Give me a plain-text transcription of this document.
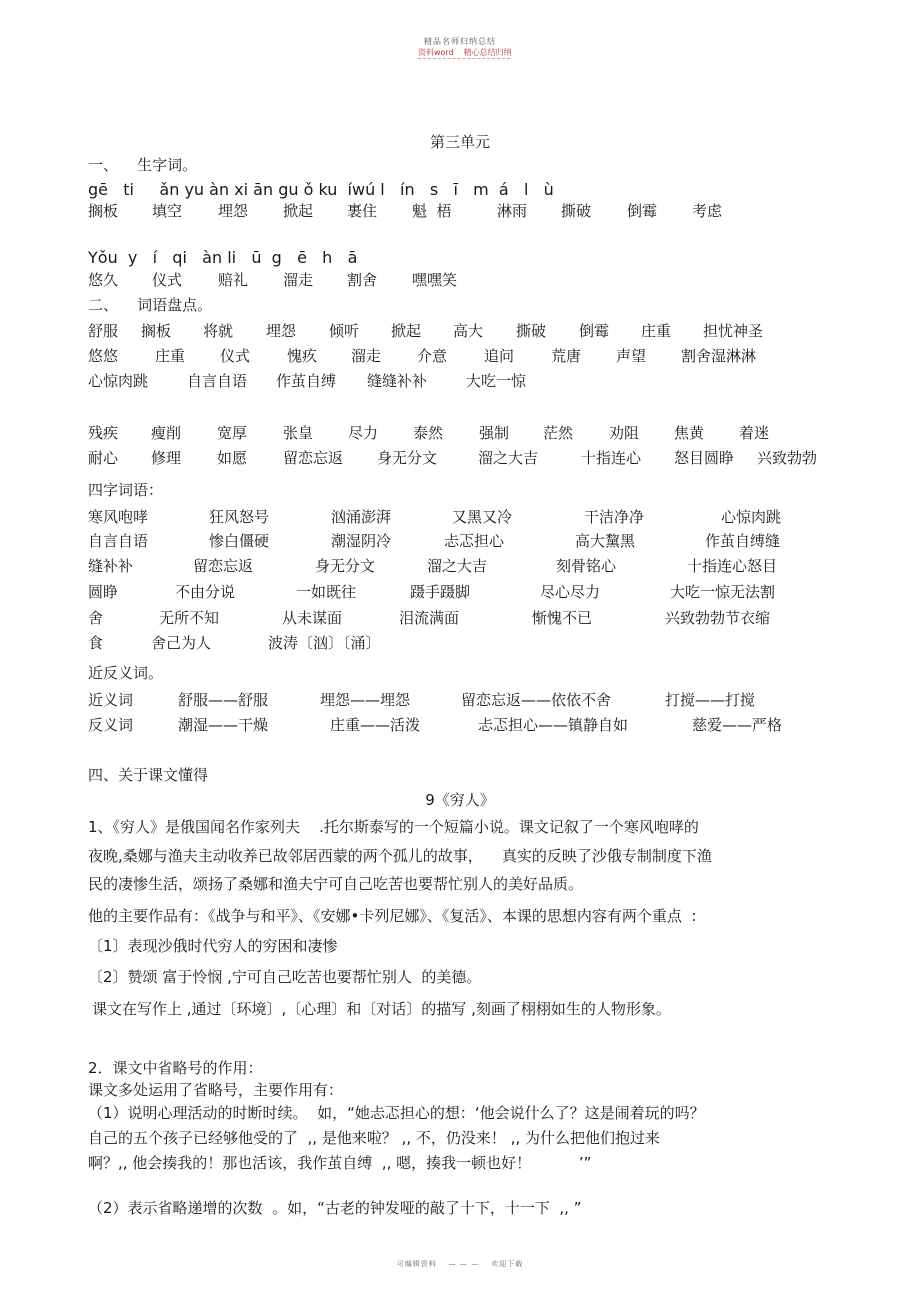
精品名师归纳总结
资料word 精心总结归纳
第三单元
一、    生字词。
gē   ti     ǎn yu àn xi ān gu ǒ ku  íwú l   ín   s   ī   m  á   l   ù
搁板 填空 埋怨 掀起 裹住 魁  梧	淋雨 撕破 倒霉 考虑
Yǒu  y   í   qi   àn li   ū  g   ē   h   ā
悠久 仪式 赔礼 溜走 割舍 嘿嘿笑
二、    词语盘点。
舒服 搁板 将就 埋怨 倾听 掀起 高大 撕破 倒霉 庄重 担忧神圣
悠悠 庄重 仪式 愧疚 溜走 介意 追问 荒唐 声望 割舍湿淋淋
心惊肉跳	自言自语 作茧自缚 缝缝补补	大吃一惊
残疾 瘦削 宽厚 张皇 尽力 泰然 强制 茫然 劝阻 焦黄 着迷
耐心 修理 如愿 留恋忘返 身无分文	溜之大吉	十指连心 怒目圆睁 兴致勃勃
四字词语：
寒风咆哮	狂风怒号	汹涌澎湃	又黑又冷	干洁净净	心惊肉跳
自言自语	惨白僵硬	潮湿阴冷	忐忑担心	高大黧黑	作茧自缚缝
缝补补	留恋忘返	身无分文	溜之大吉	刻骨铭心	十指连心怒目
圆睁	不由分说	一如既往	蹑手蹑脚	尽心尽力	大吃一惊无法割
舍	无所不知	从未谋面	泪流满面	惭愧不已	兴致勃勃节衣缩
食	舍己为人	波涛〔汹〕〔涌〕
近反义词。
近义词	舒服——舒服	埋怨——埋怨	留恋忘返——依依不舍	打搅——打搅
反义词	潮湿——干燥	庄重——活泼	忐忑担心——镇静自如	慈爱——严格
四、关于课文懂得
9《穷人》
1、《穷人》是俄国闻名作家列夫    .托尔斯泰写的一个短篇小说。课文记叙了一个寒风咆哮的
夜晚,桑娜与渔夫主动收养已故邻居西蒙的两个孤儿的故事，    真实的反映了沙俄专制制度下渔
民的凄惨生活，颂扬了桑娜和渔夫宁可自己吃苦也要帮忙别人的美好品质。
他的主要作品有：《战争与和平》、《安娜•卡列尼娜》、《复活》、本课的思想内容有两个重点  :
〔1〕表现沙俄时代穷人的穷困和凄惨
〔2〕赞颂 富于怜悯 ,宁可自己吃苦也要帮忙别人  的美德。
课文在写作上 ,通过〔环境〕,〔心理〕和〔对话〕的描写 ,刻画了栩栩如生的人物形象。
2．课文中省略号的作用：
课文多处运用了省略号，主要作用有：
（1）说明心理活动的时断时续。  如，“她忐忑担心的想：‘他会说什么了？这是闹着玩的吗？
自己的五个孩子已经够他受的了  ,, 是他来啦？ ,, 不，仍没来！ ,, 为什么把他们抱过来
啊？,, 他会揍我的！那也活该，我作茧自缚  ,, 嗯，揍我一顿也好！          ’”
（2）表示省略递增的次数  。如，“古老的钟发哑的敲了十下，十一下  ,, ”
可编辑资料 — — — 欢迎下载
